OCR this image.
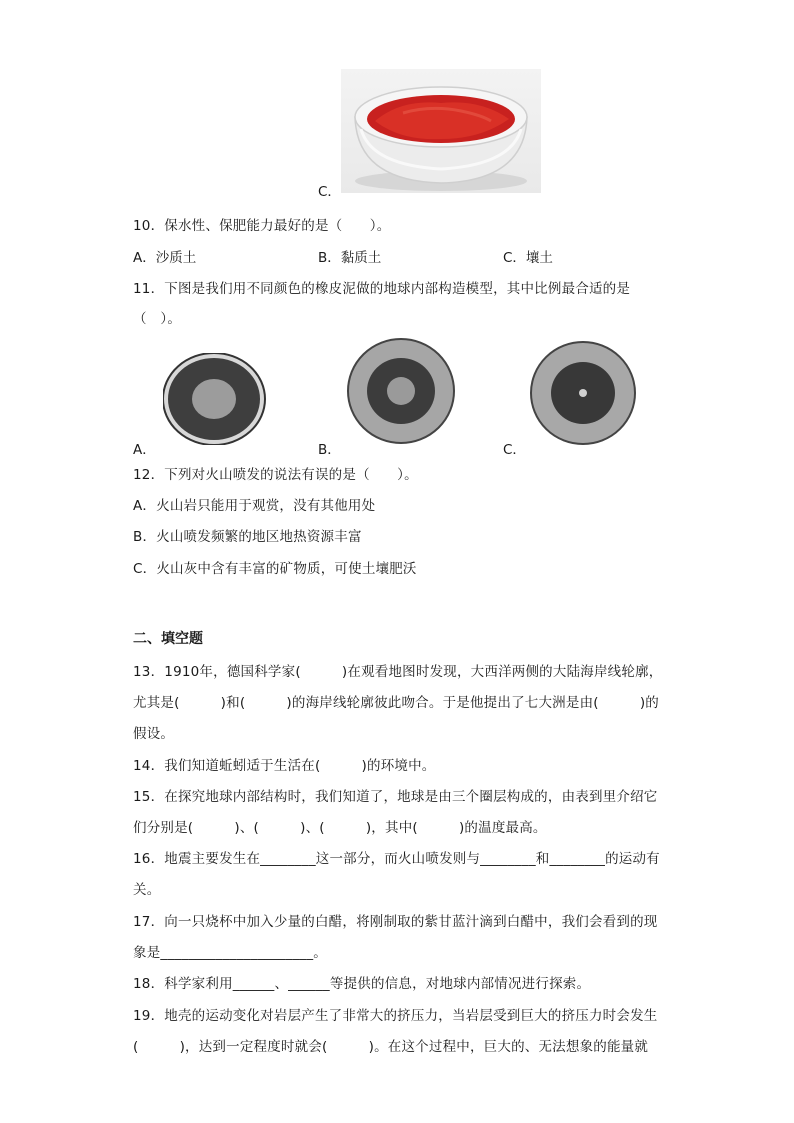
C．
10．保水性、保肥能力最好的是（　　）。
A．沙质土	B．黏质土	C．壤土
11．下图是我们用不同颜色的橡皮泥做的地球内部构造模型，其中比例最合适的是
（　）。
A．	B．	C．
12．下列对火山喷发的说法有误的是（　　）。
A．火山岩只能用于观赏，没有其他用处
B．火山喷发频繁的地区地热资源丰富
C．火山灰中含有丰富的矿物质，可使土壤肥沃
二、填空题
13．1910年，德国科学家(　　　)在观看地图时发现，大西洋两侧的大陆海岸线轮廓，
尤其是(　　　)和(　　　)的海岸线轮廓彼此吻合。于是他提出了七大洲是由(　　　)的
假设。
14．我们知道蚯蚓适于生活在(　　　)的环境中。
15．在探究地球内部结构时，我们知道了，地球是由三个圈层构成的，由表到里介绍它
们分别是(　　　)、(　　　)、(　　　)，其中(　　　)的温度最高。
16．地震主要发生在________这一部分，而火山喷发则与________和________的运动有
关。
17．向一只烧杯中加入少量的白醋，将刚制取的紫甘蓝汁滴到白醋中，我们会看到的现
象是______________________。
18．科学家利用______、______等提供的信息，对地球内部情况进行探索。
19．地壳的运动变化对岩层产生了非常大的挤压力，当岩层受到巨大的挤压力时会发生
(　　　)，达到一定程度时就会(　　　)。在这个过程中，巨大的、无法想象的能量就
